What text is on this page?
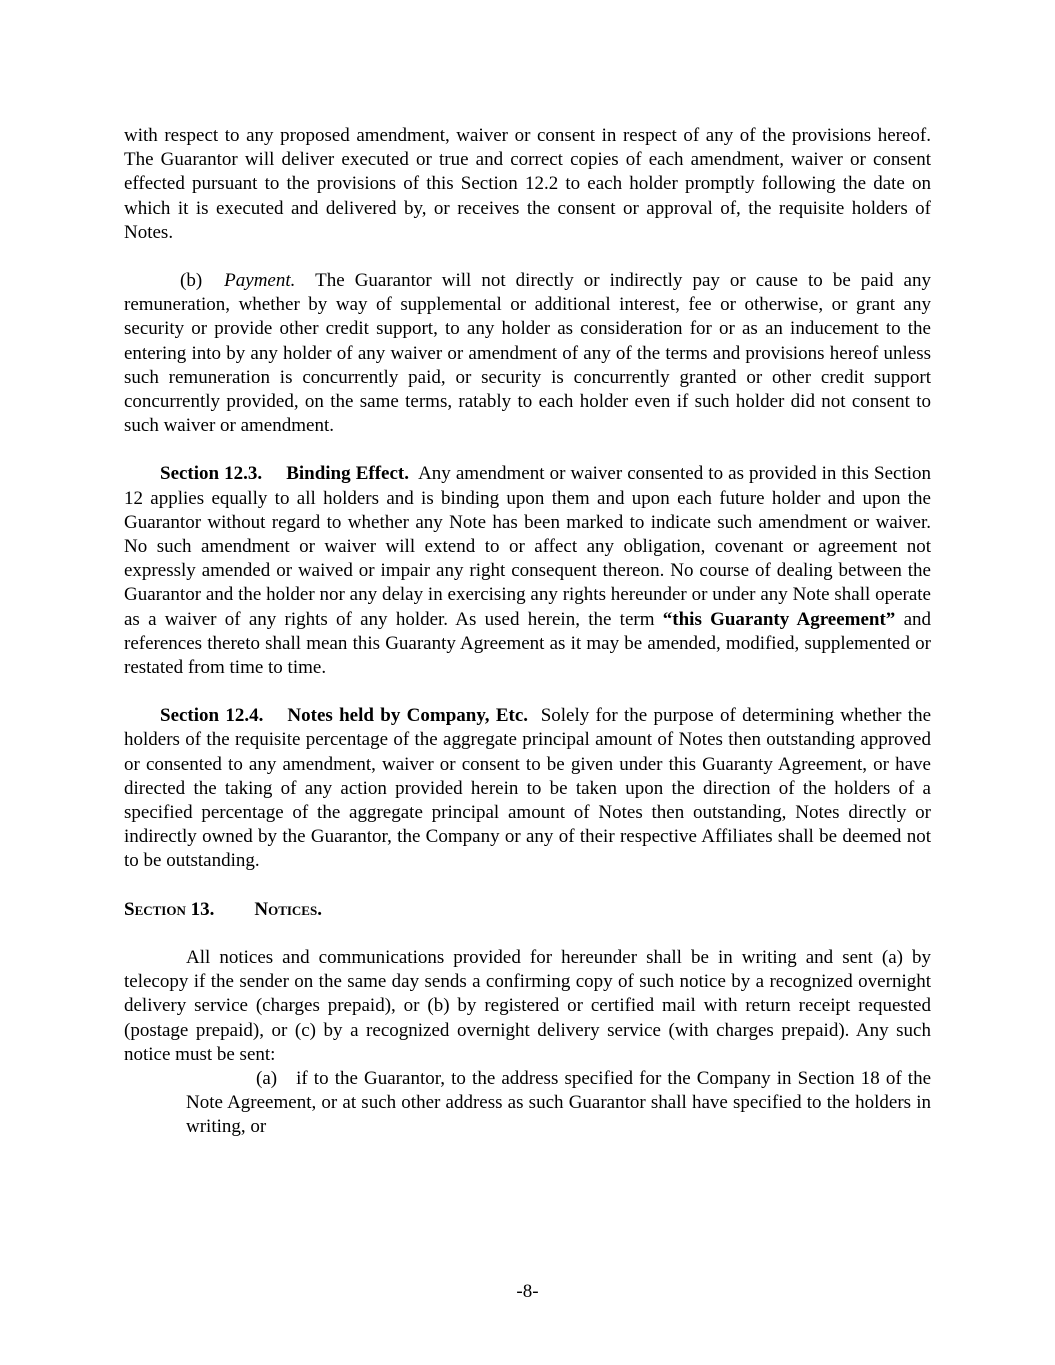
with respect to any proposed amendment, waiver or consent in respect of any of the provisions hereof. The Guarantor will deliver executed or true and correct copies of each amendment, waiver or consent effected pursuant to the provisions of this Section 12.2 to each holder promptly following the date on which it is executed and delivered by, or receives the consent or approval of, the requisite holders of Notes.

(b) Payment. The Guarantor will not directly or indirectly pay or cause to be paid any remuneration, whether by way of supplemental or additional interest, fee or otherwise, or grant any security or provide other credit support, to any holder as consideration for or as an inducement to the entering into by any holder of any waiver or amendment of any of the terms and provisions hereof unless such remuneration is concurrently paid, or security is concurrently granted or other credit support concurrently provided, on the same terms, ratably to each holder even if such holder did not consent to such waiver or amendment.

Section 12.3. Binding Effect. Any amendment or waiver consented to as provided in this Section 12 applies equally to all holders and is binding upon them and upon each future holder and upon the Guarantor without regard to whether any Note has been marked to indicate such amendment or waiver. No such amendment or waiver will extend to or affect any obligation, covenant or agreement not expressly amended or waived or impair any right consequent thereon. No course of dealing between the Guarantor and the holder nor any delay in exercising any rights hereunder or under any Note shall operate as a waiver of any rights of any holder. As used herein, the term “this Guaranty Agreement” and references thereto shall mean this Guaranty Agreement as it may be amended, modified, supplemented or restated from time to time.

Section 12.4. Notes held by Company, Etc. Solely for the purpose of determining whether the holders of the requisite percentage of the aggregate principal amount of Notes then outstanding approved or consented to any amendment, waiver or consent to be given under this Guaranty Agreement, or have directed the taking of any action provided herein to be taken upon the direction of the holders of a specified percentage of the aggregate principal amount of Notes then outstanding, Notes directly or indirectly owned by the Guarantor, the Company or any of their respective Affiliates shall be deemed not to be outstanding.

Section 13. Notices.

All notices and communications provided for hereunder shall be in writing and sent (a) by telecopy if the sender on the same day sends a confirming copy of such notice by a recognized overnight delivery service (charges prepaid), or (b) by registered or certified mail with return receipt requested (postage prepaid), or (c) by a recognized overnight delivery service (with charges prepaid). Any such notice must be sent:

(a) if to the Guarantor, to the address specified for the Company in Section 18 of the Note Agreement, or at such other address as such Guarantor shall have specified to the holders in writing, or

-8-
